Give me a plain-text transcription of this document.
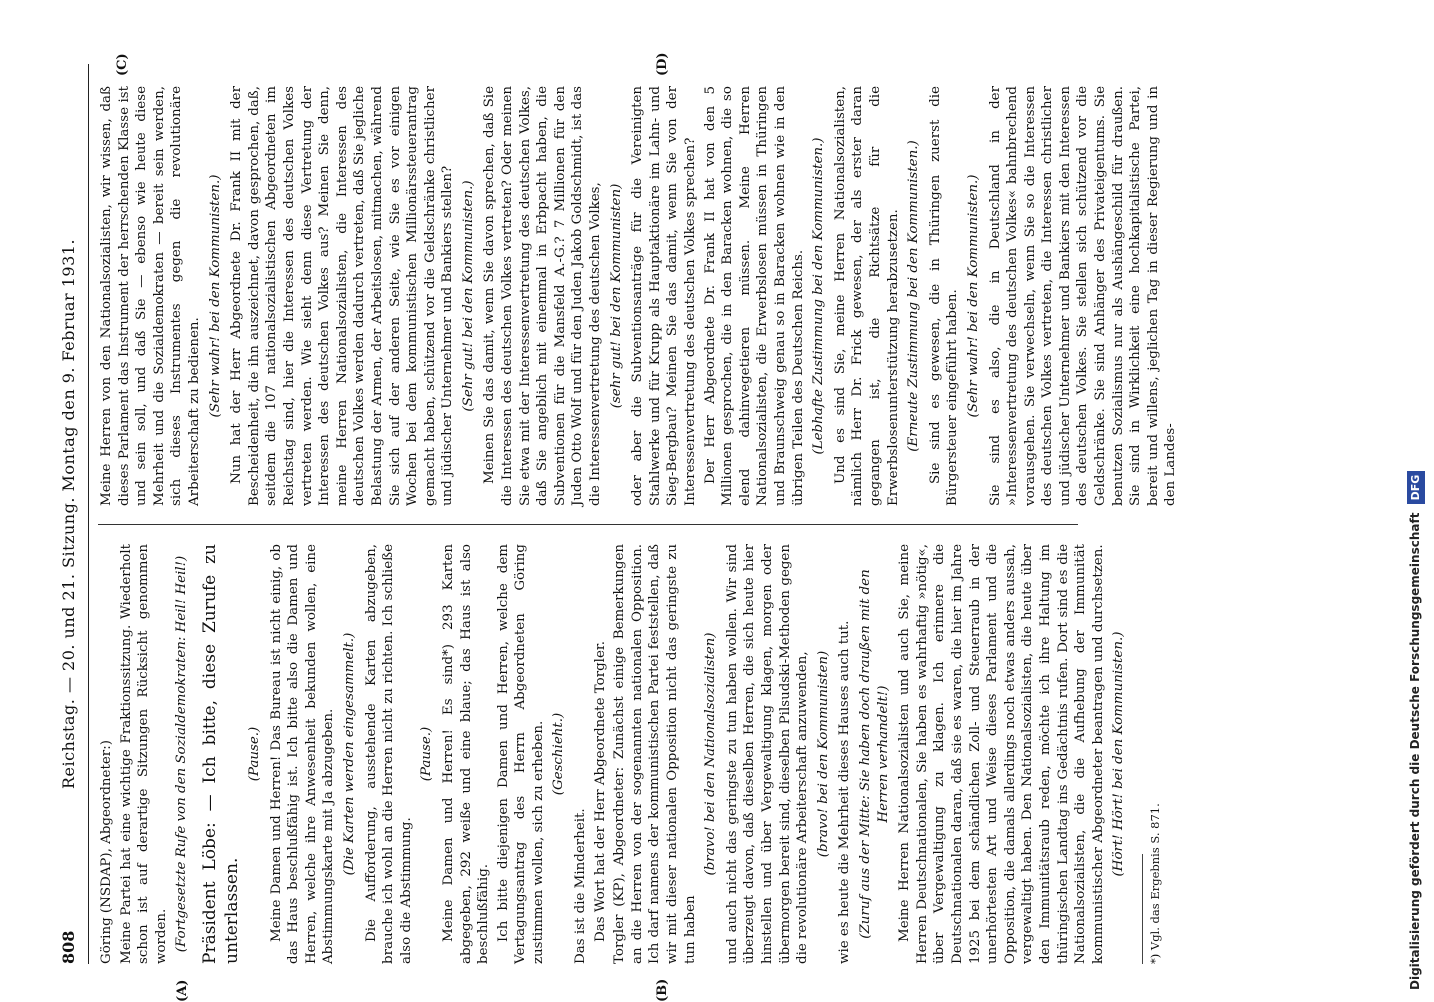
808
Reichstag. — 20. und 21. Sitzung. Montag den 9. Februar 1931.
(A)	(B)
(C)	(D)

Göring (NSDAP), Abgeordneter:) Meine Partei hat eine wichtige Fraktionssitzung. Wiederholt schon ist auf derartige Sitzungen Rücksicht genommen worden. (Fortgesetzte Rufe von den Sozialdemokraten: Heil! Heil!) Präsident Löbe: — Ich bitte, diese Zurufe zu unterlassen.

(Pause.) Meine Damen und Herren! Das Bureau ist nicht einig, ob das Haus beschlußfähig ist. Ich bitte also die Damen und Herren, welche ihre Anwesenheit bekunden wollen, eine Abstimmungskarte mit Ja abzugeben. (Die Karten werden eingesammelt.) Die Aufforderung, ausstehende Karten abzugeben, brauche ich wohl an die Herren nicht zu richten. Ich schließe also die Abstimmung.

(Pause.) Meine Damen und Herren! Es sind*) 293 Karten abgegeben, 292 weiße und eine blaue; das Haus ist also beschlußfähig. Ich bitte diejenigen Damen und Herren, welche dem Vertagungsantrag des Herrn Abgeordneten Göring zustimmen wollen, sich zu erheben. (Geschieht.)

Das ist die Minderheit. Das Wort hat der Herr Abgeordnete Torgler. Torgler (KP), Abgeordneter: Zunächst einige Bemerkungen an die Herren von der sogenannten nationalen Opposition. Ich darf namens der kommunistischen Partei feststellen, daß wir mit dieser nationalen Opposition nicht das geringste zu tun haben

(bravo! bei den Nationalsozialisten) und auch nicht das geringste zu tun haben wollen. Wir sind überzeugt davon, daß dieselben Herren, die sich heute hier hinstellen und über Vergewaltigung klagen, morgen oder übermorgen bereit sind, dieselben Pilsudski-Methoden gegen die revolutionäre Arbeiterschaft anzuwenden, (bravo! bei den Kommunisten) wie es heute die Mehrheit dieses Hauses auch tut. (Zuruf aus der Mitte: Sie haben doch draußen mit den Herren verhandelt!) Meine Herren Nationalsozialisten und auch Sie, meine Herren Deutschnationalen, Sie haben es wahrhaftig »nötig«, über Vergewaltigung zu klagen. Ich erinnere die Deutschnationalen daran, daß sie es waren, die hier im Jahre 1925 bei dem schändlichen Zoll- und Steuerraub in der unerhörtesten Art und Weise dieses Parlament und die Opposition, die damals allerdings noch etwas anders aussah, vergewaltigt haben. Den Nationalsozialisten, die heute über den Immunitätsraub reden, möchte ich ihre Haltung im thüringischen Landtag ins Gedächtnis rufen. Dort sind es die Nationalsozialisten, die die Aufhebung der Immunität kommunistischer Abgeordneter beantragen und durchsetzen. (Hört! Hört! bei den Kommunisten.)

*) Vgl. das Ergebnis S. 871.

Meine Herren von den Nationalsozialisten, wir wissen, daß dieses Parlament das Instrument der herrschenden Klasse ist und sein soll, und daß Sie — ebenso wie heute diese Mehrheit und die Sozialdemokraten — bereit sein werden, sich dieses Instrumentes gegen die revolutionäre Arbeiterschaft zu bedienen. (Sehr wahr! bei den Kommunisten.) Nun hat der Herr Abgeordnete Dr. Frank II mit der Bescheidenheit, die ihn auszeichnet, davon gesprochen, daß, seitdem die 107 nationalsozialistischen Abgeordneten im Reichstag sind, hier die Interessen des deutschen Volkes vertreten werden. Wie sieht denn diese Vertretung der Interessen des deutschen Volkes aus? Meinen Sie denn, meine Herren Nationalsozialisten, die Interessen des deutschen Volkes werden dadurch vertreten, daß Sie jegliche Belastung der Armen, der Arbeitslosen, mitmachen, während Sie sich auf der anderen Seite, wie Sie es vor einigen Wochen bei dem kommunistischen Millionärssteuerantrag gemacht haben, schützend vor die Geldschränke christlicher und jüdischer Unternehmer und Bankiers stellen? (Sehr gut! bei den Kommunisten.) Meinen Sie das damit, wenn Sie davon sprechen, daß Sie die Interessen des deutschen Volkes vertreten? Oder meinen Sie etwa mit der Interessenvertretung des deutschen Volkes, daß Sie angeblich mit einemmal in Erbpacht haben, die Subventionen für die Mansfeld A.-G.? 7 Millionen für den Juden Otto Wolf und für den Juden Jakob Goldschmidt, ist das die Interessenvertretung des deutschen Volkes, (sehr gut! bei den Kommunisten) oder aber die Subventionsanträge für die Vereinigten Stahlwerke und für Krupp als Hauptaktionäre im Lahn- und Sieg-Bergbau? Meinen Sie das damit, wenn Sie von der Interessenvertretung des deutschen Volkes sprechen? Der Herr Abgeordnete Dr. Frank II hat von den 5 Millionen gesprochen, die in den Baracken wohnen, die so elend dahinvegetieren müssen. Meine Herren Nationalsozialisten, die Erwerbslosen müssen in Thüringen und Braunschweig genau so in Baracken wohnen wie in den übrigen Teilen des Deutschen Reichs. (Lebhafte Zustimmung bei den Kommunisten.) Und es sind Sie, meine Herren Nationalsozialisten, nämlich Herr Dr. Frick gewesen, der als erster daran gegangen ist, die Richtsätze für die Erwerbslosenunterstützung herabzusetzen. (Erneute Zustimmung bei den Kommunisten.) Sie sind es gewesen, die in Thüringen zuerst die Bürgersteuer eingeführt haben. (Sehr wahr! bei den Kommunisten.) Sie sind es also, die in Deutschland in der »Interessenvertretung des deutschen Volkes« bahnbrechend vorausgehen. Sie verwechseln, wenn Sie so die Interessen des deutschen Volkes vertreten, die Interessen christlicher und jüdischer Unternehmer und Bankiers mit den Interessen des deutschen Volkes. Sie stellen sich schützend vor die Geldschränke. Sie sind Anhänger des Privateigentums. Sie benutzen Sozialismus nur als Aushängeschild für draußen. Sie sind in Wirklichkeit eine hochkapitalistische Partei, bereit und willens, jeglichen Tag in dieser Regierung und in den Landes-

Digitalisierung gefördert durch die Deutsche Forschungsgemeinschaft DFG
